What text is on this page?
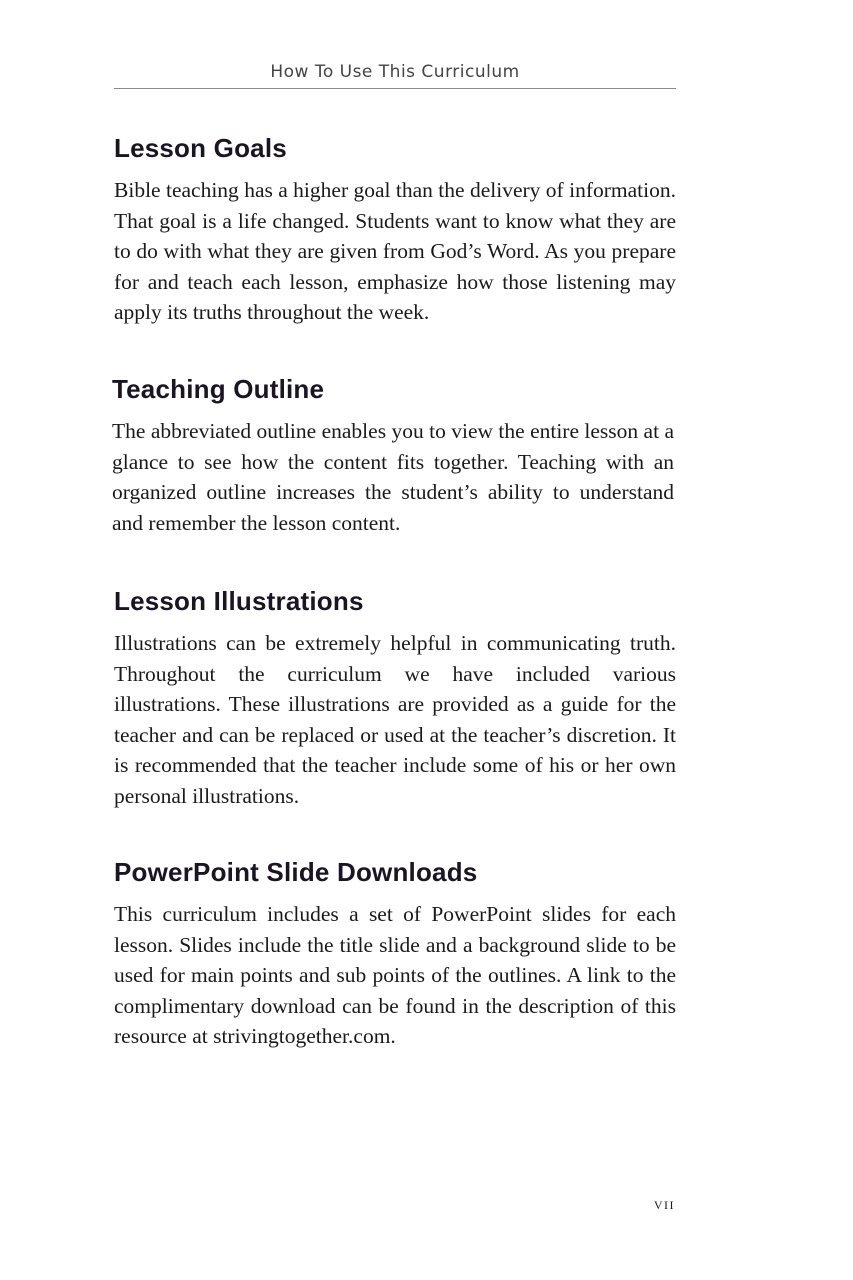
How To Use This Curriculum
Lesson Goals

Bible teaching has a higher goal than the delivery of information. That goal is a life changed. Students want to know what they are to do with what they are given from God’s Word. As you prepare for and teach each lesson, emphasize how those listening may apply its truths throughout the week.

Teaching Outline

The abbreviated outline enables you to view the entire lesson at a glance to see how the content fits together. Teaching with an organized outline increases the student’s ability to understand and remember the lesson content.

Lesson Illustrations

Illustrations can be extremely helpful in communicating truth. Throughout the curriculum we have included various illustrations. These illustrations are provided as a guide for the teacher and can be replaced or used at the teacher’s discretion. It is recommended that the teacher include some of his or her own personal illustrations.

PowerPoint Slide Downloads

This curriculum includes a set of PowerPoint slides for each lesson. Slides include the title slide and a background slide to be used for main points and sub points of the outlines. A link to the complimentary download can be found in the description of this resource at strivingtogether.com.

vii
